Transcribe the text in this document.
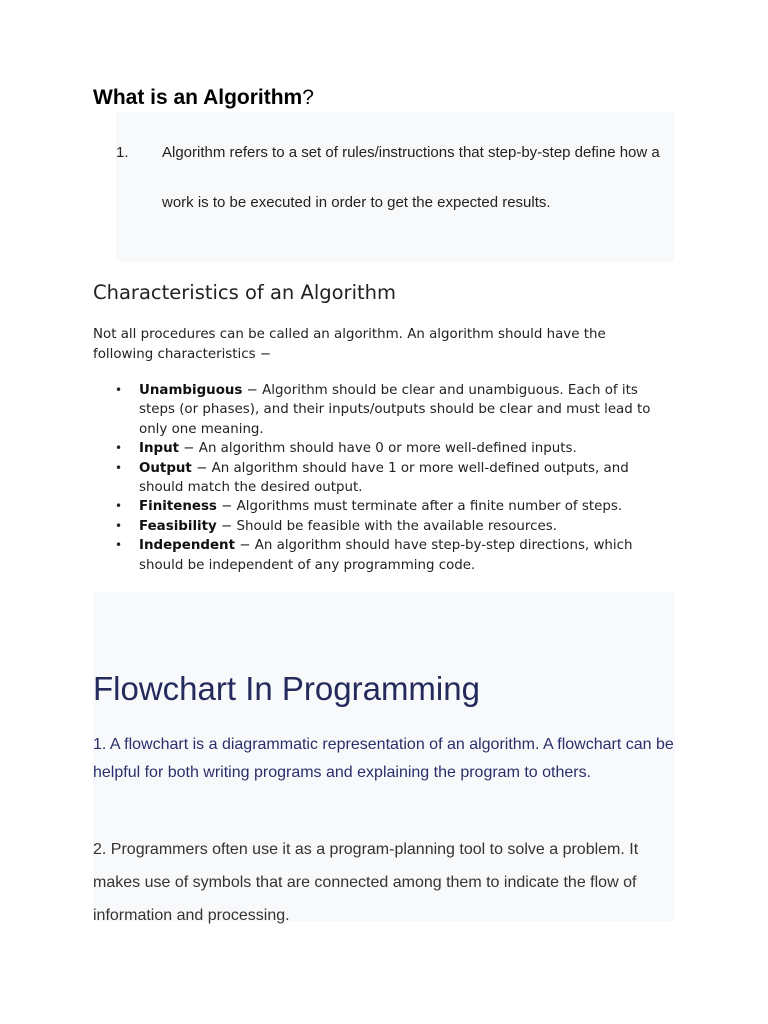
What is an Algorithm?
1. Algorithm refers to a set of rules/instructions that step-by-step define how a work is to be executed in order to get the expected results.

Characteristics of an Algorithm

Not all procedures can be called an algorithm. An algorithm should have the following characteristics −

• Unambiguous − Algorithm should be clear and unambiguous. Each of its steps (or phases), and their inputs/outputs should be clear and must lead to only one meaning.
• Input − An algorithm should have 0 or more well-defined inputs.
• Output − An algorithm should have 1 or more well-defined outputs, and should match the desired output.
• Finiteness − Algorithms must terminate after a finite number of steps.
• Feasibility − Should be feasible with the available resources.
• Independent − An algorithm should have step-by-step directions, which should be independent of any programming code.
Flowchart In Programming

1. A flowchart is a diagrammatic representation of an algorithm. A flowchart can be helpful for both writing programs and explaining the program to others.

2. Programmers often use it as a program-planning tool to solve a problem. It makes use of symbols that are connected among them to indicate the flow of information and processing.
